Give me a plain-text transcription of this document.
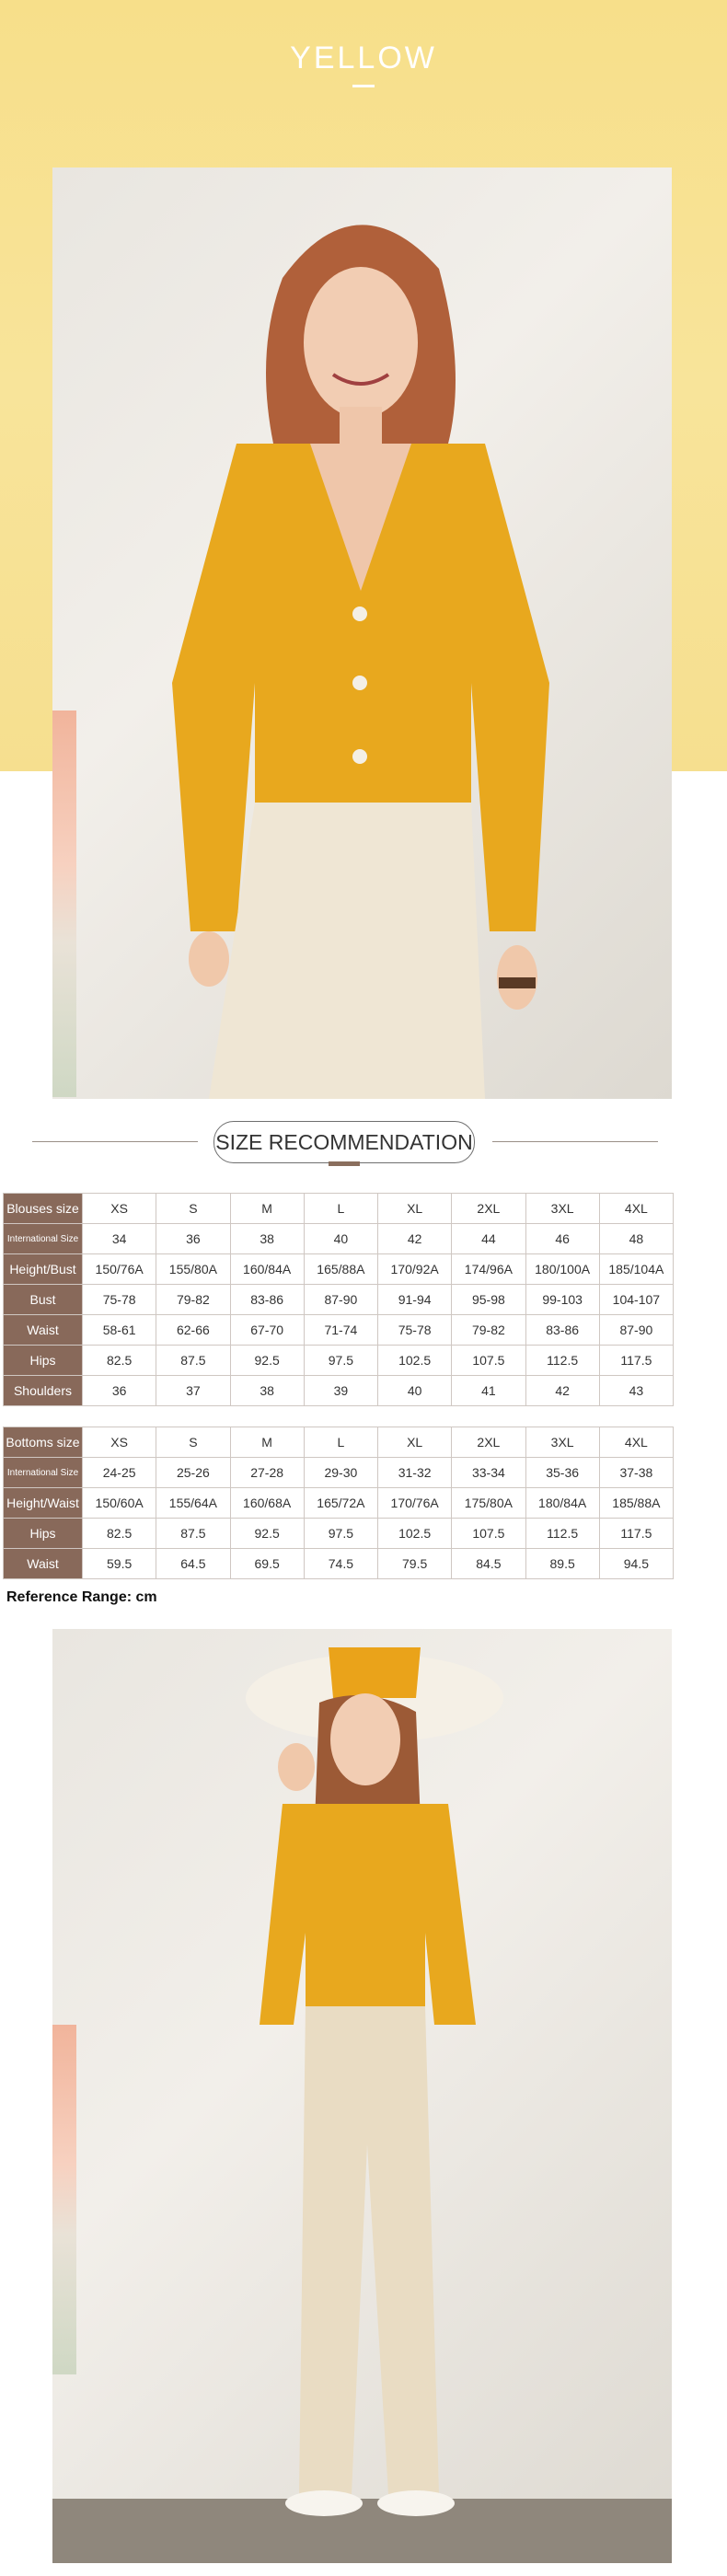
YELLOW
SIZE RECOMMENDATION
Blouses size	XS	S	M	L	XL	2XL	3XL	4XL
International Size	34	36	38	40	42	44	46	48
Height/Bust	150/76A	155/80A	160/84A	165/88A	170/92A	174/96A	180/100A	185/104A
Bust	75-78	79-82	83-86	87-90	91-94	95-98	99-103	104-107
Waist	58-61	62-66	67-70	71-74	75-78	79-82	83-86	87-90
Hips	82.5	87.5	92.5	97.5	102.5	107.5	112.5	117.5
Shoulders	36	37	38	39	40	41	42	43
Bottoms size	XS	S	M	L	XL	2XL	3XL	4XL
International Size	24-25	25-26	27-28	29-30	31-32	33-34	35-36	37-38
Height/Waist	150/60A	155/64A	160/68A	165/72A	170/76A	175/80A	180/84A	185/88A
Hips	82.5	87.5	92.5	97.5	102.5	107.5	112.5	117.5
Waist	59.5	64.5	69.5	74.5	79.5	84.5	89.5	94.5
Reference Range: cm
